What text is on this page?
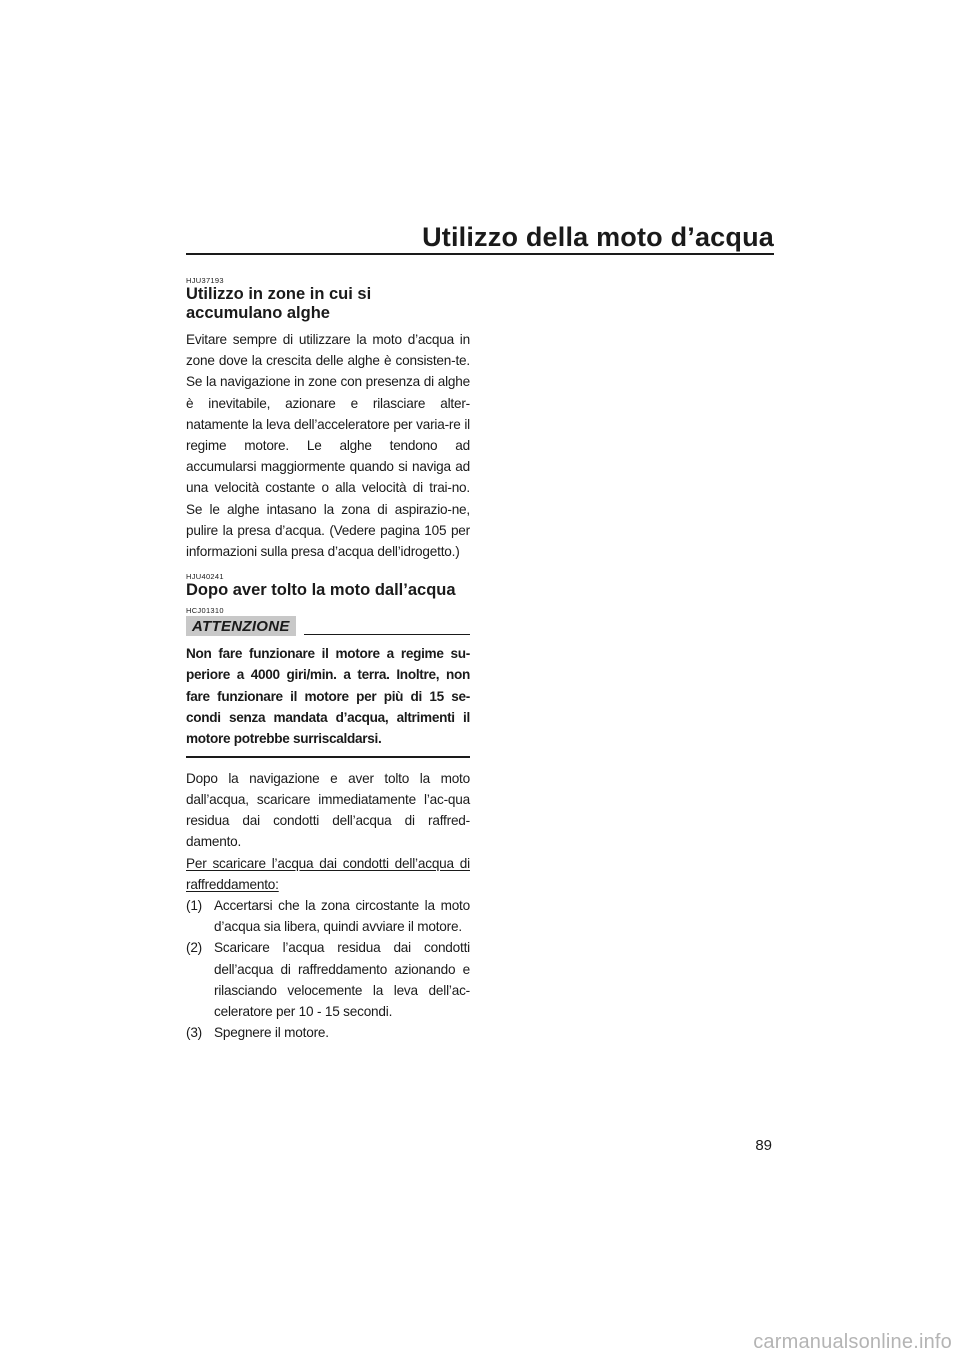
Utilizzo della moto d’acqua

HJU37193

Utilizzo in zone in cui si accumulano alghe

Evitare sempre di utilizzare la moto d’acqua in zone dove la crescita delle alghe è consisten-te. Se la navigazione in zone con presenza di alghe è inevitabile, azionare e rilasciare alter-natamente la leva dell’acceleratore per varia-re il regime motore. Le alghe tendono ad accumularsi maggiormente quando si naviga ad una velocità costante o alla velocità di trai-no. Se le alghe intasano la zona di aspirazio-ne, pulire la presa d’acqua. (Vedere pagina 105 per informazioni sulla presa d’acqua dell’idrogetto.)

HJU40241

Dopo aver tolto la moto dall’acqua

HCJ01310

ATTENZIONE

Non fare funzionare il motore a regime su-periore a 4000 giri/min. a terra. Inoltre, non fare funzionare il motore per più di 15 se-condi senza mandata d’acqua, altrimenti il motore potrebbe surriscaldarsi.

Dopo la navigazione e aver tolto la moto dall’acqua, scaricare immediatamente l’ac-qua residua dai condotti dell’acqua di raffred-damento.

Per scaricare l’acqua dai condotti dell’acqua di raffreddamento:

(1) Accertarsi che la zona circostante la moto d’acqua sia libera, quindi avviare il motore.
(2) Scaricare l’acqua residua dai condotti dell’acqua di raffreddamento azionando e rilasciando velocemente la leva dell’ac-celeratore per 10 - 15 secondi.
(3) Spegnere il motore.
89
carmanualsonline.info
